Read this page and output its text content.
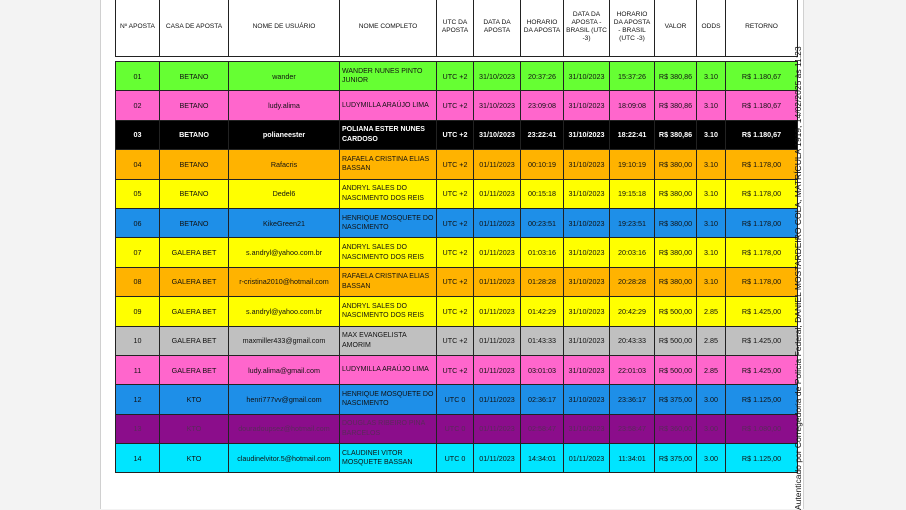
Nº APOSTA	CASA DE APOSTA	NOME DE USUÁRIO	NOME COMPLETO	UTC DA APOSTA	DATA DA APOSTA	HORARIO DA APOSTA	DATA DA APOSTA - BRASIL (UTC -3)	HORARIO DA APOSTA - BRASIL (UTC -3)	VALOR	ODDS	RETORNO

01	BETANO	wander	WANDER NUNES PINTO JUNIOR	UTC +2	31/10/2023	20:37:26	31/10/2023	15:37:26	R$ 380,86	3.10	R$ 1.180,67
02	BETANO	ludy.alima	LUDYMILLA ARAÚJO LIMA	UTC +2	31/10/2023	23:09:08	31/10/2023	18:09:08	R$ 380,86	3.10	R$ 1.180,67
03	BETANO	polianeester	POLIANA ESTER NUNES CARDOSO	UTC +2	31/10/2023	23:22:41	31/10/2023	18:22:41	R$ 380,86	3.10	R$ 1.180,67
04	BETANO	Rafacris	RAFAELA CRISTINA ELIAS BASSAN	UTC +2	01/11/2023	00:10:19	31/10/2023	19:10:19	R$ 380,00	3.10	R$ 1.178,00
05	BETANO	Dedel6	ANDRYL SALES DO NASCIMENTO DOS REIS	UTC +2	01/11/2023	00:15:18	31/10/2023	19:15:18	R$ 380,00	3.10	R$ 1.178,00
06	BETANO	KikeGreen21	HENRIQUE MOSQUETE DO NASCIMENTO	UTC +2	01/11/2023	00:23:51	31/10/2023	19:23:51	R$ 380,00	3.10	R$ 1.178,00
07	GALERA BET	s.andryl@yahoo.com.br	ANDRYL SALES DO NASCIMENTO DOS REIS	UTC +2	01/11/2023	01:03:16	31/10/2023	20:03:16	R$ 380,00	3.10	R$ 1.178,00
08	GALERA BET	r-cristina2010@hotmail.com	RAFAELA CRISTINA ELIAS BASSAN	UTC +2	01/11/2023	01:28:28	31/10/2023	20:28:28	R$ 380,00	3.10	R$ 1.178,00
09	GALERA BET	s.andryl@yahoo.com.br	ANDRYL SALES DO NASCIMENTO DOS REIS	UTC +2	01/11/2023	01:42:29	31/10/2023	20:42:29	R$ 500,00	2.85	R$ 1.425,00
10	GALERA BET	maxmiller433@gmail.com	MAX EVANGELISTA AMORIM	UTC +2	01/11/2023	01:43:33	31/10/2023	20:43:33	R$ 500,00	2.85	R$ 1.425,00
11	GALERA BET	ludy.alima@gmail.com	LUDYMILLA ARAÚJO LIMA	UTC +2	01/11/2023	03:01:03	31/10/2023	22:01:03	R$ 500,00	2.85	R$ 1.425,00
12	KTO	henri777vv@gmail.com	HENRIQUE MOSQUETE DO NASCIMENTO	UTC 0	01/11/2023	02:36:17	31/10/2023	23:36:17	R$ 375,00	3.00	R$ 1.125,00
13	KTO	douradoupsez@hotmail.com	DOUGLAS RIBEIRO PINA BARCELOS	UTC 0	01/11/2023	02:58:47	31/10/2023	23:58:47	R$ 360,00	3.00	R$ 1.080,00
14	KTO	claudinelvitor.5@hotmail.com	CLAUDINEI VITOR MOSQUETE BASSAN	UTC 0	01/11/2023	14:34:01	01/11/2023	11:34:01	R$ 375,00	3.00	R$ 1.125,00 Autenticado por Corregedoria de Polícia Federal, DANIEL MOSTARDEIRO COLA, MATRÍCULA 1919, 14/02/2025 às 11:23
